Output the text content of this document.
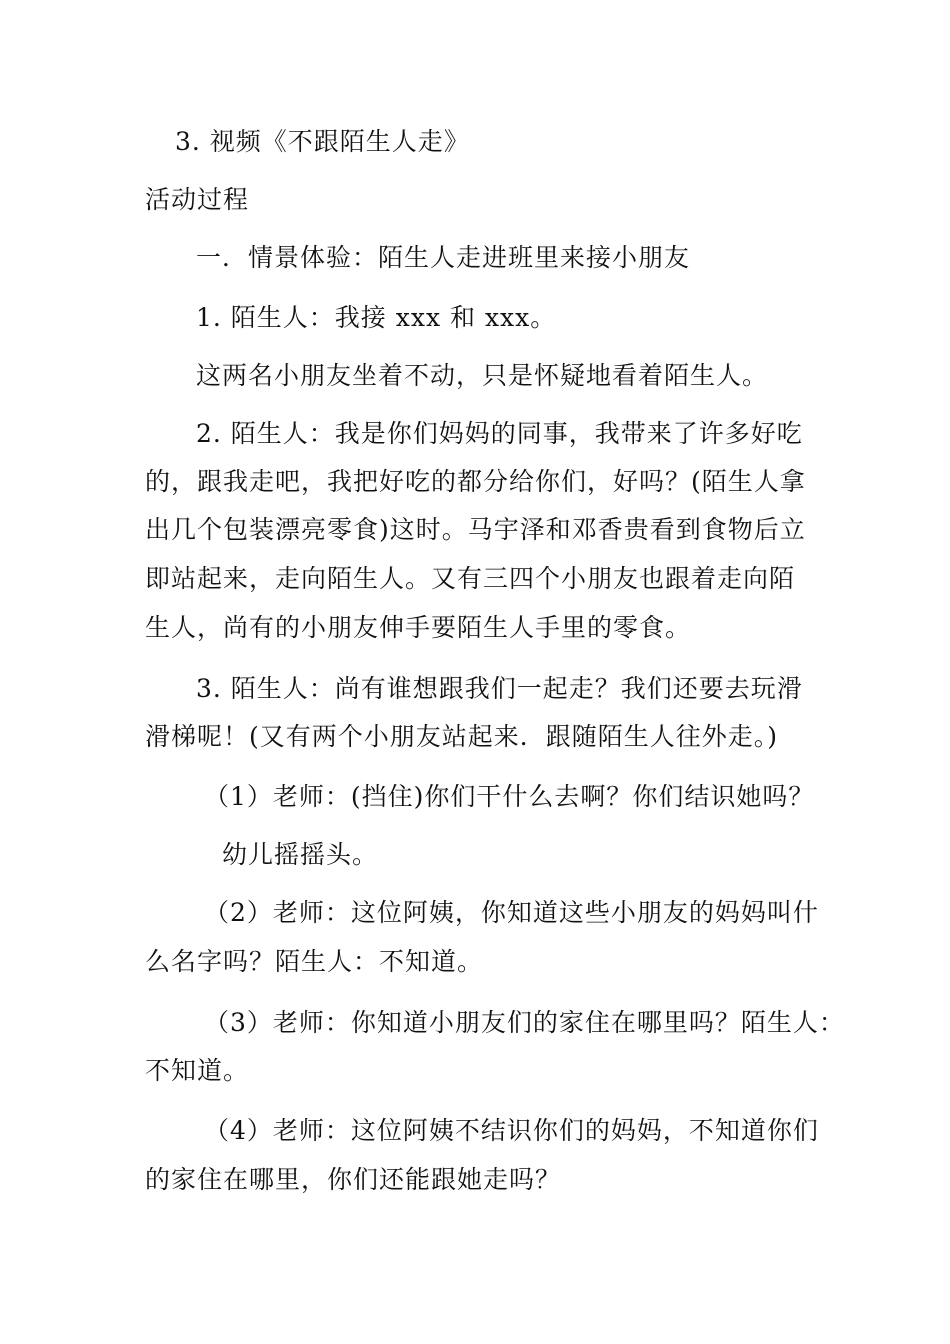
3. 视频《不跟陌生人走》
活动过程
一．情景体验：陌生人走进班里来接小朋友
1. 陌生人：我接 xxx 和 xxx。
这两名小朋友坐着不动，只是怀疑地看着陌生人。
2. 陌生人：我是你们妈妈的同事，我带来了许多好吃
的，跟我走吧，我把好吃的都分给你们，好吗？(陌生人拿
出几个包装漂亮零食)这时。马宇泽和邓香贵看到食物后立
即站起来，走向陌生人。又有三四个小朋友也跟着走向陌
生人，尚有的小朋友伸手要陌生人手里的零食。
3. 陌生人：尚有谁想跟我们一起走？我们还要去玩滑
滑梯呢！(又有两个小朋友站起来．跟随陌生人往外走。)
（1）老师：(挡住)你们干什么去啊？你们结识她吗？
幼儿摇摇头。
（2）老师：这位阿姨，你知道这些小朋友的妈妈叫什
么名字吗？陌生人：不知道。
（3）老师：你知道小朋友们的家住在哪里吗？陌生人：
不知道。
（4）老师：这位阿姨不结识你们的妈妈，不知道你们
的家住在哪里，你们还能跟她走吗？
